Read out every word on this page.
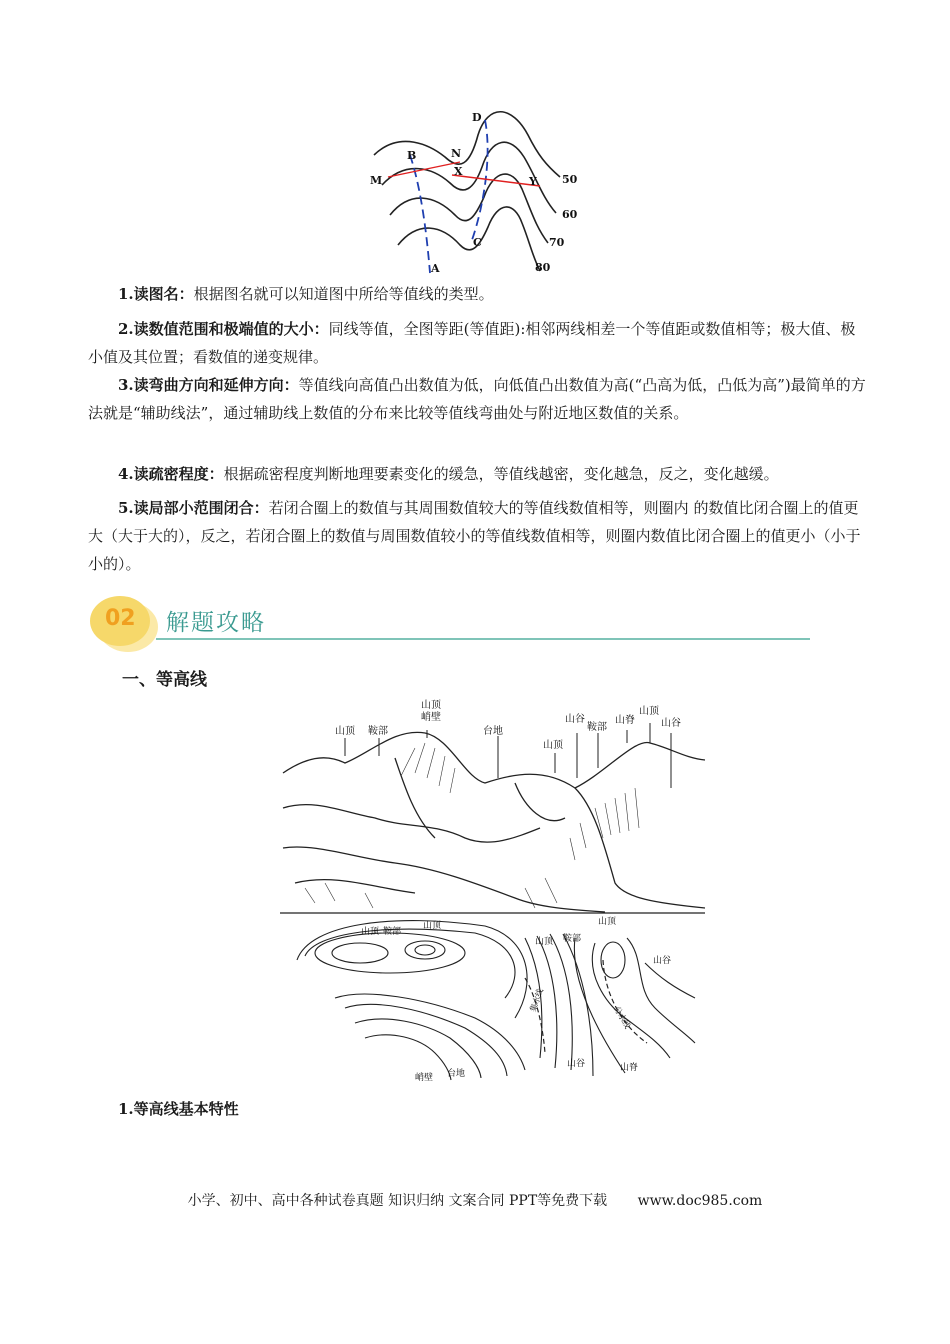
D
B	N
M
X
Y
C
A
50
60
70
80

1.读图名：根据图名就可以知道图中所给等值线的类型。

2.读数值范围和极端值的大小：同线等值，全图等距(等值距):相邻两线相差一个等值距或数值相等；极大值、极小值及其位置；看数值的递变规律。

3.读弯曲方向和延伸方向：等值线向高值凸出数值为低，向低值凸出数值为高(“凸高为低，凸低为高”)最简单的方法就是“辅助线法”，通过辅助线上数值的分布来比较等值线弯曲处与附近地区数值的关系。

4.读疏密程度：根据疏密程度判断地理要素变化的缓急，等值线越密，变化越急，反之，变化越缓。

5.读局部小范围闭合：若闭合圈上的数值与其周围数值较大的等值线数值相等，则圈内 的数值比闭合圈上的值更大（大于大的），反之，若闭合圈上的数值与周围数值较小的等值线数值相等，则圈内数值比闭合圈上的值更小（小于小的）。

02 解题攻略
一、等高线
山顶 鞍部
山顶
峭壁
台地
山顶
山谷
鞍部
山脊
山顶
山谷
山顶 鞍部
山顶
山顶 鞍部
山顶
山谷
峭壁 台地
山谷	山脊
集水线
分水线
1.等高线基本特性
小学、初中、高中各种试卷真题 知识归纳 文案合同 PPT等免费下载 www.doc985.com
